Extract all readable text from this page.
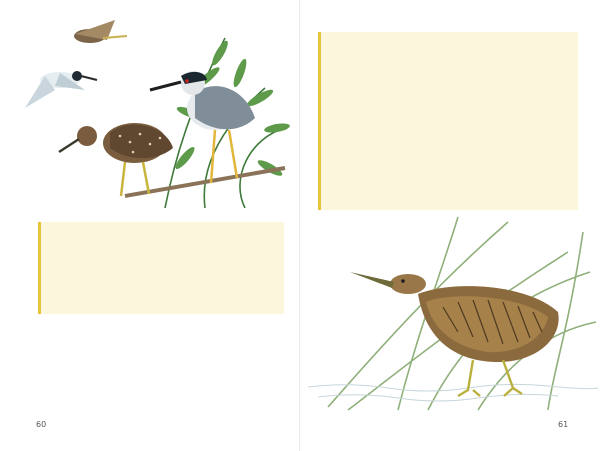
60	61
